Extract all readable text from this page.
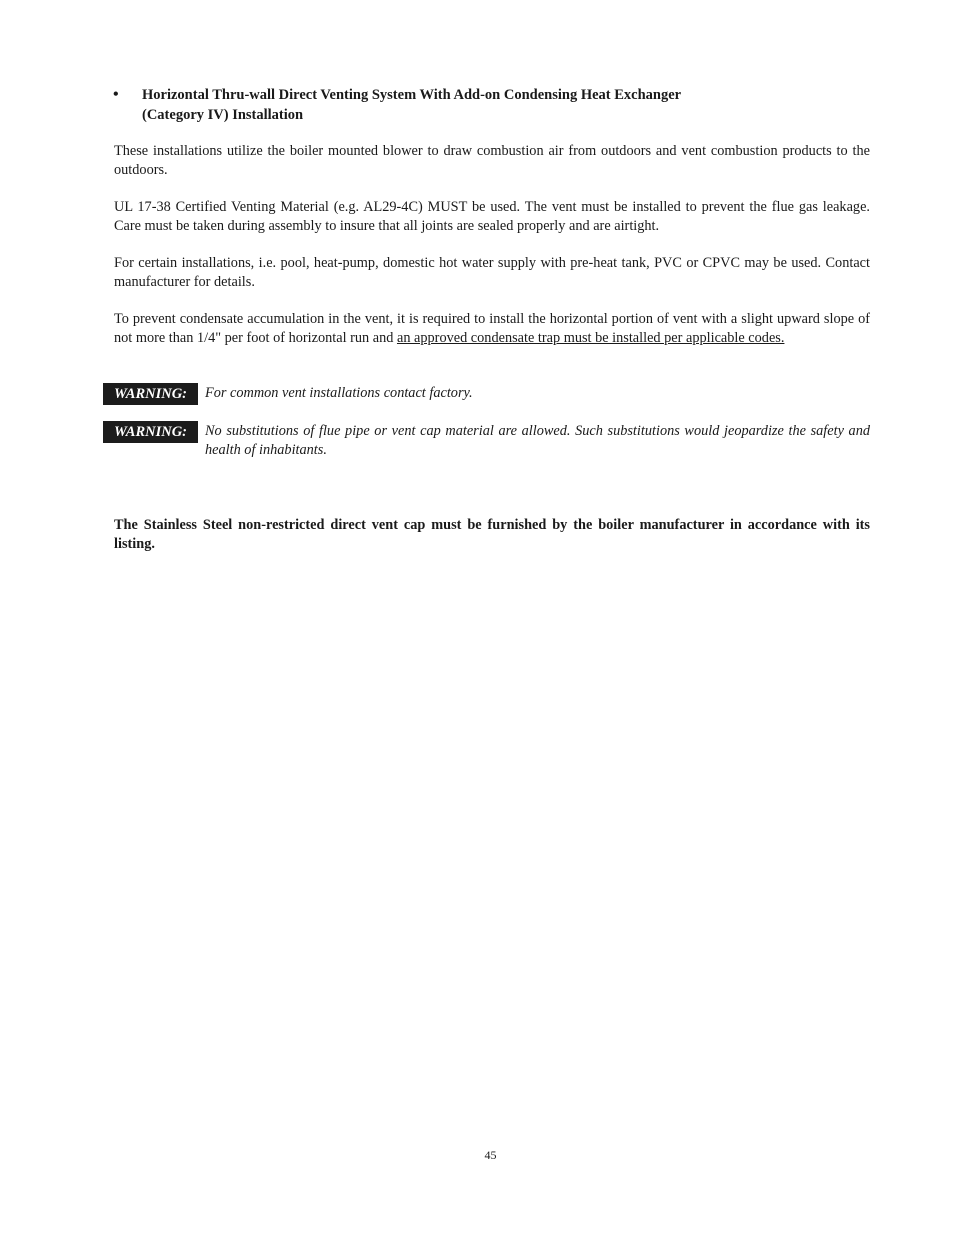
• Horizontal Thru-wall Direct Venting System With Add-on Condensing Heat Exchanger
(Category IV) Installation

These installations utilize the boiler mounted blower to draw combustion air from outdoors and vent combustion products to the outdoors.

UL 17-38 Certified Venting Material (e.g. AL29-4C) MUST be used. The vent must be installed to prevent the flue gas leakage. Care must be taken during assembly to insure that all joints are sealed properly and are airtight.

For certain installations, i.e. pool, heat-pump, domestic hot water supply with pre-heat tank, PVC or CPVC may be used. Contact manufacturer for details.

To prevent condensate accumulation in the vent, it is required to install the horizontal portion of vent with a slight upward slope of not more than 1/4" per foot of horizontal run and an approved condensate trap must be installed per applicable codes.

WARNING:	For common vent installations contact factory.
WARNING:	No substitutions of flue pipe or vent cap material are allowed. Such substitutions would jeopardize the safety and health of inhabitants.

The Stainless Steel non-restricted direct vent cap must be furnished by the boiler manufacturer in accordance with its listing.

45
